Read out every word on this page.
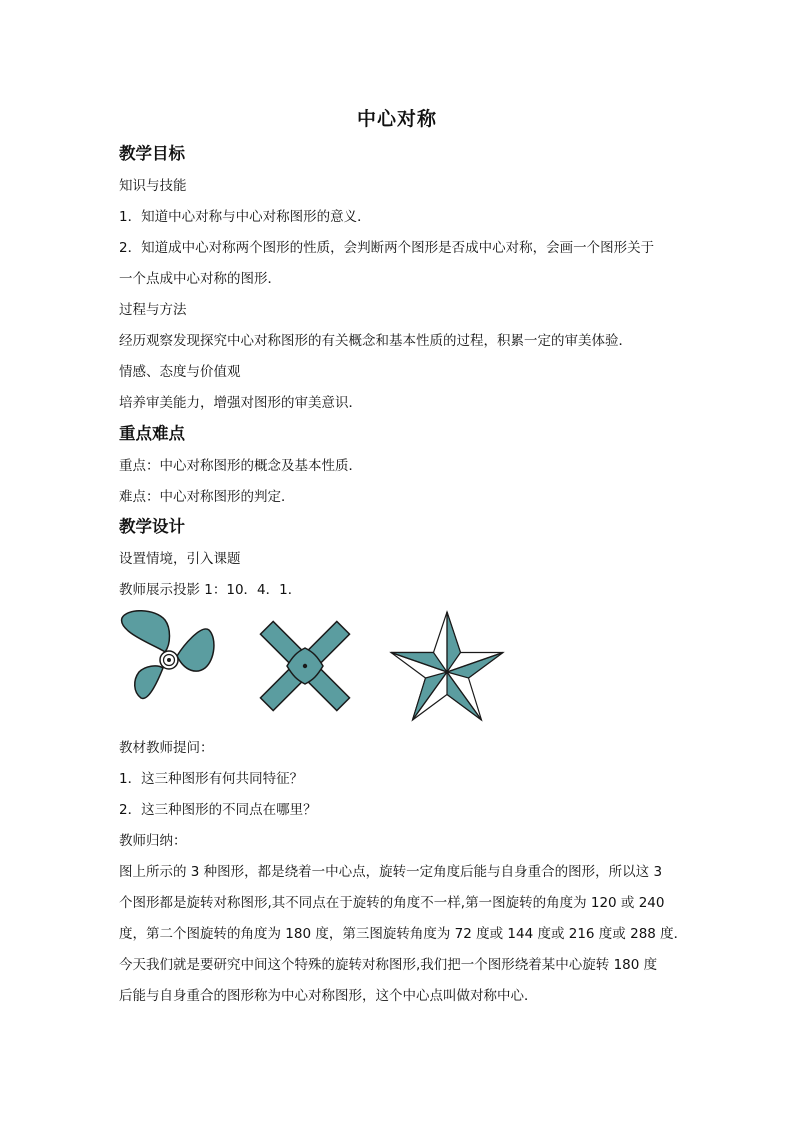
中心对称
教学目标
知识与技能
1．知道中心对称与中心对称图形的意义．
2．知道成中心对称两个图形的性质，会判断两个图形是否成中心对称，会画一个图形关于
一个点成中心对称的图形．
过程与方法
经历观察发现探究中心对称图形的有关概念和基本性质的过程，积累一定的审美体验．
情感、态度与价值观
培养审美能力，增强对图形的审美意识．
重点难点
重点：中心对称图形的概念及基本性质．
难点：中心对称图形的判定．
教学设计
设置情境，引入课题
教师展示投影 1：10．4．1．
教材教师提问：
1．这三种图形有何共同特征？
2．这三种图形的不同点在哪里？
教师归纳：
图上所示的 3 种图形，都是绕着一中心点，旋转一定角度后能与自身重合的图形，所以这 3
个图形都是旋转对称图形,其不同点在于旋转的角度不一样,第一图旋转的角度为 120 或 240
度，第二个图旋转的角度为 180 度，第三图旋转角度为 72 度或 144 度或 216 度或 288 度．
今天我们就是要研究中间这个特殊的旋转对称图形,我们把一个图形绕着某中心旋转 180 度
后能与自身重合的图形称为中心对称图形，这个中心点叫做对称中心．
